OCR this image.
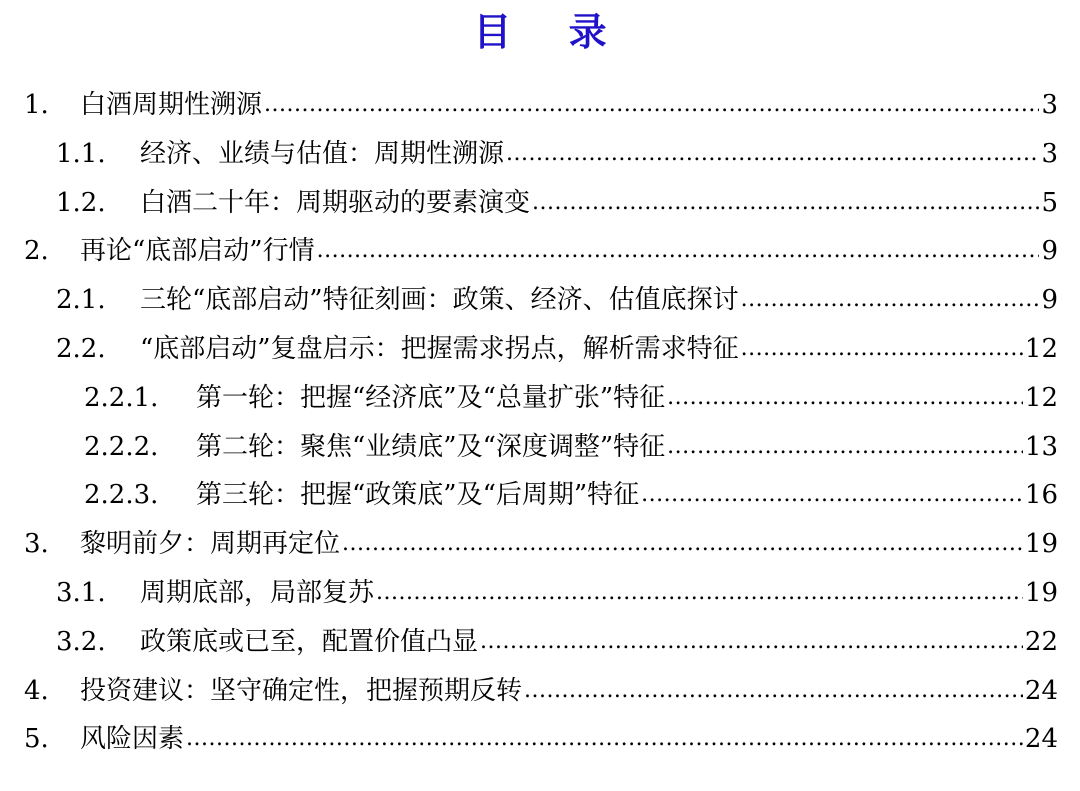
目 录
1.	白酒周期性溯源 .....	3
1.1.	经济、业绩与估值：周期性溯源 .....	3
1.2.	白酒二十年：周期驱动的要素演变 .....	5
2.	再论“底部启动”行情 .....	9
2.1.	三轮“底部启动”特征刻画：政策、经济、估值底探讨 .....	9
2.2.	“底部启动”复盘启示：把握需求拐点，解析需求特征 .....	12
2.2.1.	第一轮：把握“经济底”及“总量扩张”特征 .....	12
2.2.2.	第二轮：聚焦“业绩底”及“深度调整”特征 .....	13
2.2.3.	第三轮：把握“政策底”及“后周期”特征 .....	16
3.	黎明前夕：周期再定位 .....	19
3.1.	周期底部，局部复苏 .....	19
3.2.	政策底或已至，配置价值凸显 .....	22
4.	投资建议：坚守确定性，把握预期反转 .....	24
5.	风险因素 .....	24
